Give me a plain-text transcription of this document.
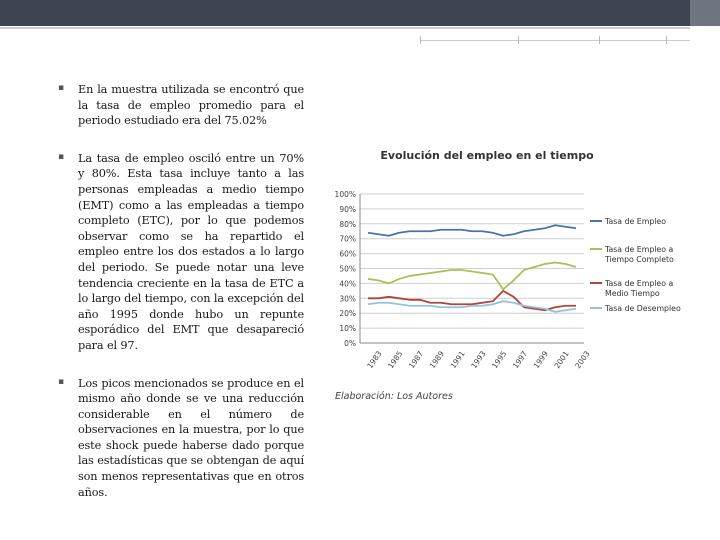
▪ En la muestra utilizada se encontró que la tasa de empleo promedio para el periodo estudiado era del 75.02%
▪ La tasa de empleo osciló entre un 70% y 80%. Esta tasa incluye tanto a las personas empleadas a medio tiempo (EMT) como a las empleadas a tiempo completo (ETC), por lo que podemos observar como se ha repartido el empleo entre los dos estados a lo largo del periodo. Se puede notar una leve tendencia creciente en la tasa de ETC a lo largo del tiempo, con la excepción del año 1995 donde hubo un repunte esporádico del EMT que desapareció para el 97.
▪ Los picos mencionados se produce en el mismo año donde se ve una reducción considerable en el número de observaciones en la muestra, por lo que este shock puede haberse dado porque las estadísticas que se obtengan de aquí son menos representativas que en otros años.
Evolución del empleo en el tiempo
0%
10%
20%
30%
40%
50%
60%
70%
80%
90%
100%
1983 1985 1987 1989 1991 1993 1995 1997 1999 2001 2003
Tasa de Empleo
Tasa de Empleo a Tiempo Completo
Tasa de Empleo a Medio Tiempo
Tasa de Desempleo
Elaboración: Los Autores
